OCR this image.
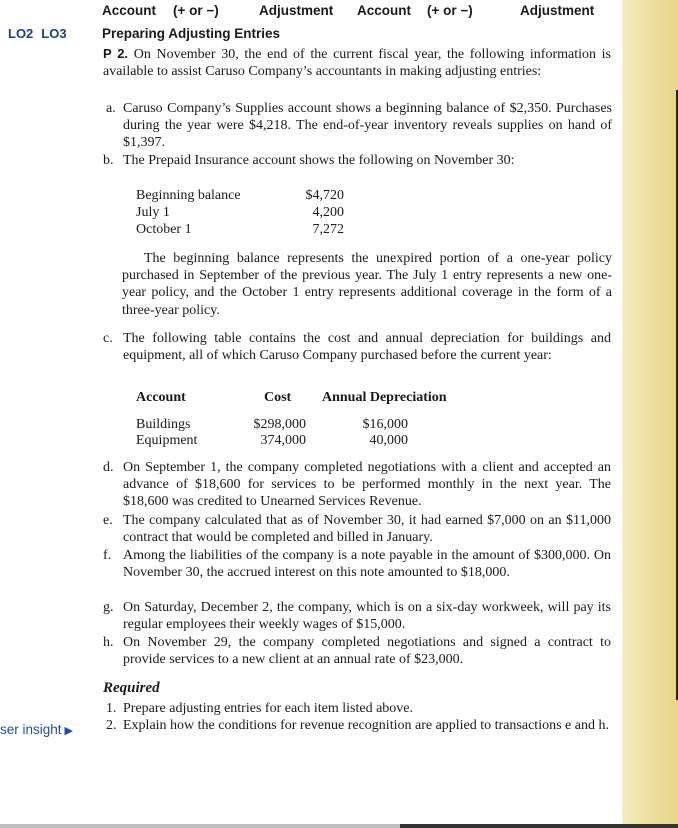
Account (+ or −)	Adjustment Account (+ or −)	Adjustment
LO2 LO3	Preparing Adjusting Entries
P 2. On November 30, the end of the current fiscal year, the following information is available to assist Caruso Company’s accountants in making adjusting entries:
a. Caruso Company’s Supplies account shows a beginning balance of $2,350. Purchases during the year were $4,218. The end-of-year inventory reveals supplies on hand of $1,397.
b. The Prepaid Insurance account shows the following on November 30:
Beginning balance	$4,720
July 1	4,200
October 1	7,272
The beginning balance represents the unexpired portion of a one-year policy purchased in September of the previous year. The July 1 entry represents a new one-year policy, and the October 1 entry represents additional coverage in the form of a three-year policy.
c. The following table contains the cost and annual depreciation for buildings and equipment, all of which Caruso Company purchased before the current year:
Account	Cost Annual Depreciation
Buildings	$298,000	$16,000
Equipment	374,000	40,000
d. On September 1, the company completed negotiations with a client and accepted an advance of $18,600 for services to be performed monthly in the next year. The $18,600 was credited to Unearned Services Revenue.
e. The company calculated that as of November 30, it had earned $7,000 on an $11,000 contract that would be completed and billed in January.
f. Among the liabilities of the company is a note payable in the amount of $300,000. On November 30, the accrued interest on this note amounted to $18,000.
g. On Saturday, December 2, the company, which is on a six-day workweek, will pay its regular employees their weekly wages of $15,000.
h. On November 29, the company completed negotiations and signed a contract to provide services to a new client at an annual rate of $23,000.
Required
1. Prepare adjusting entries for each item listed above.
2. Explain how the conditions for revenue recognition are applied to transactions e and h.
ser insight ▶
